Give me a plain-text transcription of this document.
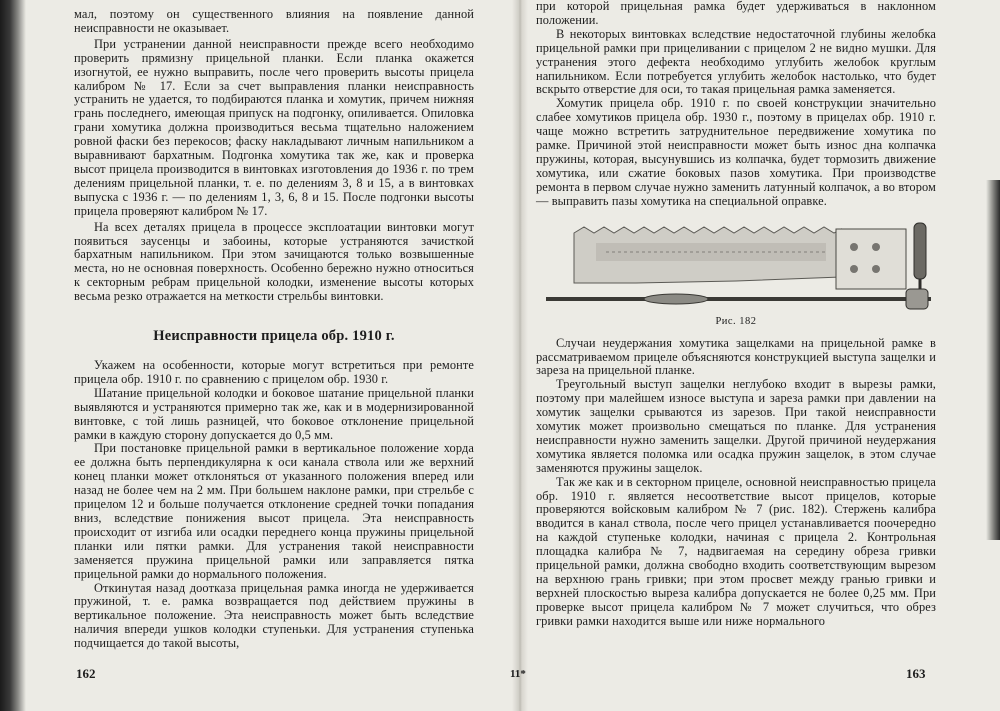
мал, поэтому он существенного влияния на появление данной неисправности не оказывает.

При устранении данной неисправности прежде всего необходимо проверить прямизну прицельной планки. Если планка окажется изогнутой, ее нужно выправить, после чего проверить высоты прицела калибром № 17. Если за счет выправления планки неисправность устранить не удается, то подбираются планка и хомутик, причем нижняя грань последнего, имеющая припуск на подгонку, опиливается. Опиловка грани хомутика должна производиться весьма тщательно наложением ровной фаски без перекосов; фаску накладывают личным напильником а выравнивают бархатным. Подгонка хомутика так же, как и проверка высот прицела производится в винтовках изготовления до 1936 г. по трем делениям прицельной планки, т. е. по делениям 3, 8 и 15, а в винтовках выпуска с 1936 г. — по делениям 1, 3, 6, 8 и 15. После подгонки высоты прицела проверяют калибром № 17.

На всех деталях прицела в процессе эксплоатации винтовки могут появиться заусенцы и забоины, которые устраняются зачисткой бархатным напильником. При этом зачищаются только возвышенные места, но не основная поверхность. Особенно бережно нужно относиться к секторным ребрам прицельной колодки, изменение высоты которых весьма резко отражается на меткости стрельбы винтовки.

Неисправности прицела обр. 1910 г.

Укажем на особенности, которые могут встретиться при ремонте прицела обр. 1910 г. по сравнению с прицелом обр. 1930 г.

Шатание прицельной колодки и боковое шатание прицельной планки выявляются и устраняются примерно так же, как и в модернизированной винтовке, с той лишь разницей, что боковое отклонение прицельной рамки в каждую сторону допускается до 0,5 мм.

При постановке прицельной рамки в вертикальное положение хорда ее должна быть перпендикулярна к оси канала ствола или же верхний конец планки может отклоняться от указанного положения вперед или назад не более чем на 2 мм. При большем наклоне рамки, при стрельбе с прицелом 12 и больше получается отклонение средней точки попадания вниз, вследствие понижения высот прицела. Эта неисправность происходит от изгиба или осадки переднего конца пружины прицельной планки или пятки рамки. Для устранения такой неисправности заменяется пружина прицельной рамки или заправляется пятка прицельной рамки до нормального положения.

Откинутая назад доотказа прицельная рамка иногда не удерживается пружиной, т. е. рамка возвращается под действием пружины в вертикальное положение. Эта неисправность может быть вследствие наличия впереди ушков колодки ступеньки. Для устранения ступенька подчищается до такой высоты,

162

при которой прицельная рамка будет удерживаться в наклонном положении.

В некоторых винтовках вследствие недостаточной глубины желобка прицельной рамки при прицеливании с прицелом 2 не видно мушки. Для устранения этого дефекта необходимо углубить желобок круглым напильником. Если потребуется углубить желобок настолько, что будет вскрыто отверстие для оси, то такая прицельная рамка заменяется.

Хомутик прицела обр. 1910 г. по своей конструкции значительно слабее хомутиков прицела обр. 1930 г., поэтому в прицелах обр. 1910 г. чаще можно встретить затруднительное передвижение хомутика по рамке. Причиной этой неисправности может быть износ дна колпачка пружины, которая, высунувшись из колпачка, будет тормозить движение хомутика, или сжатие боковых пазов хомутика. При производстве ремонта в первом случае нужно заменить латунный колпачок, а во втором — выправить пазы хомутика на специальной оправке.

Рис. 182

Случаи неудержания хомутика защелками на прицельной рамке в рассматриваемом прицеле объясняются конструкцией выступа защелки и зареза на прицельной планке.

Треугольный выступ защелки неглубоко входит в вырезы рамки, поэтому при малейшем износе выступа и зареза рамки при давлении на хомутик защелки срываются из зарезов. При такой неисправности хомутик может произвольно смещаться по планке. Для устранения неисправности нужно заменить защелки. Другой причиной неудержания хомутика является поломка или осадка пружин защелок, в этом случае заменяются пружины защелок.

Так же как и в секторном прицеле, основной неисправностью прицела обр. 1910 г. является несоответствие высот прицелов, которые проверяются войсковым калибром № 7 (рис. 182). Стержень калибра вводится в канал ствола, после чего прицел устанавливается поочередно на каждой ступеньке колодки, начиная с прицела 2. Контрольная площадка калибра № 7, надвигаемая на середину обреза гривки прицельной рамки, должна свободно входить соответствующим вырезом на верхнюю грань гривки; при этом просвет между гранью гривки и верхней плоскостью выреза калибра допускается не более 0,25 мм. При проверке высот прицела калибром № 7 может случиться, что обрез гривки рамки находится выше или ниже нормального

11*	163
